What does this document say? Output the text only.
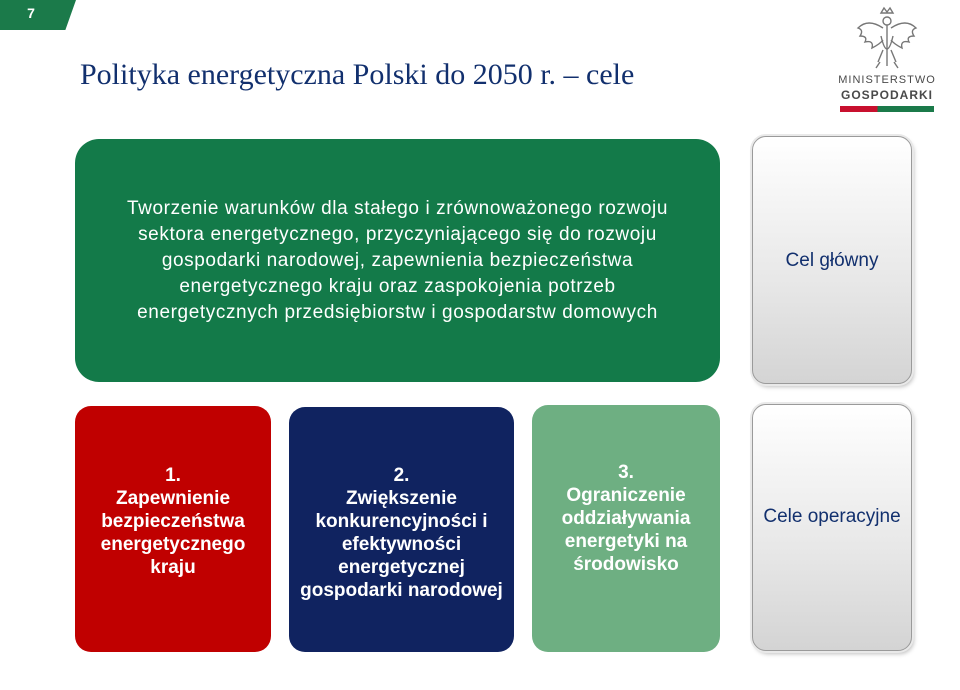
7
Polityka energetyczna Polski do 2050 r. – cele	MINISTERSTWO
GOSPODARKI
Tworzenie warunków dla stałego i zrównoważonego rozwoju sektora energetycznego, przyczyniającego się do rozwoju gospodarki narodowej, zapewnienia bezpieczeństwa energetycznego kraju oraz zaspokojenia potrzeb energetycznych przedsiębiorstw i gospodarstw domowych
Cel główny
1.
Zapewnienie bezpieczeństwa energetycznego kraju
2.
Zwiększenie konkurencyjności i efektywności energetycznej gospodarki narodowej
3.
Ograniczenie oddziaływania energetyki na środowisko
Cele operacyjne
